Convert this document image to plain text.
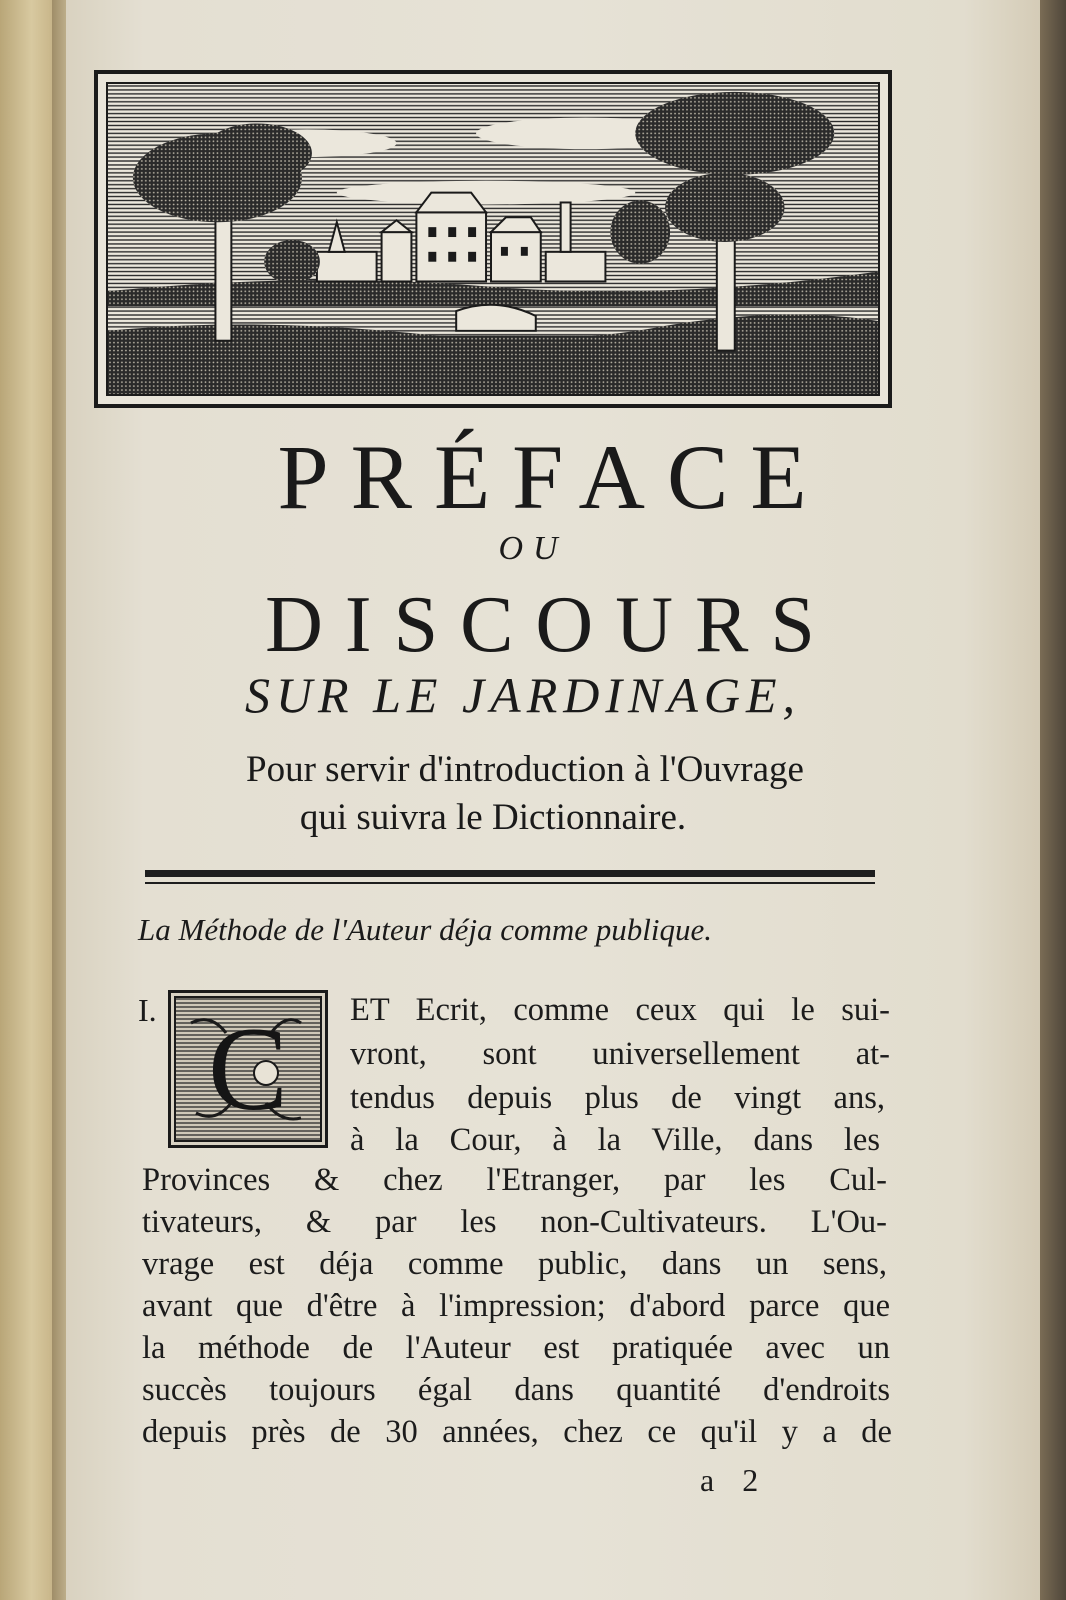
PRÉFACE
OU
DISCOURS
SUR LE JARDINAGE,
Pour servir d'introduction à l'Ouvrage
qui suivra le Dictionnaire.
La Méthode de l'Auteur déja comme publique.
I. C	ET Ecrit, comme ceux qui le sui-
vront, sont universellement at-
tendus depuis plus de vingt ans,
à la Cour, à la Ville, dans les
Provinces & chez l'Etranger, par les Cul-
tivateurs, & par les non-Cultivateurs. L'Ou-
vrage est déja comme public, dans un sens,
avant que d'être à l'impression; d'abord parce que
la méthode de l'Auteur est pratiquée avec un
succès toujours égal dans quantité d'endroits
depuis près de 30 années, chez ce qu'il y a de
a 2
